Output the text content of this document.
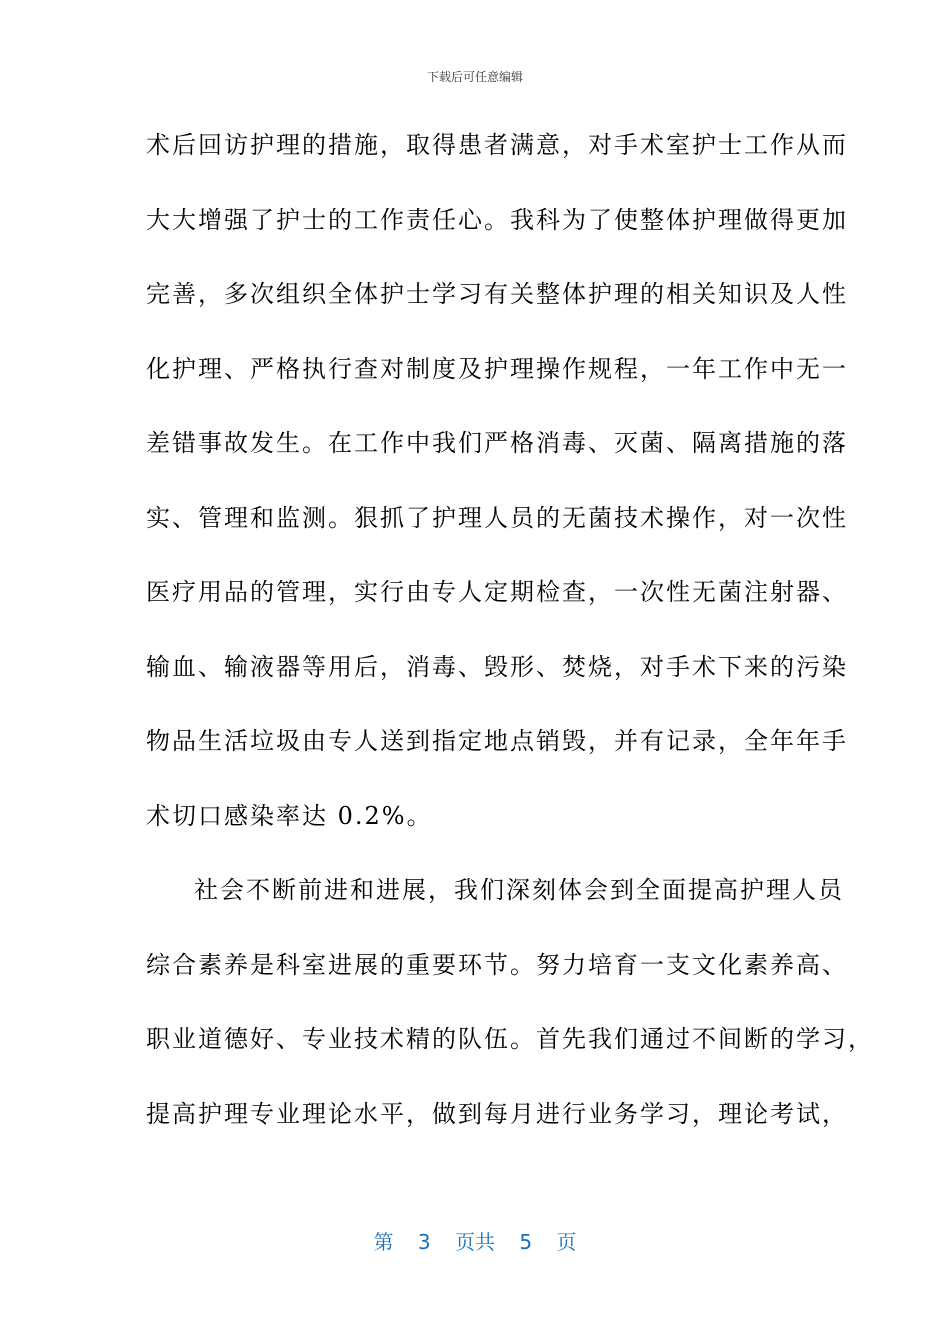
下载后可任意编辑
术后回访护理的措施，取得患者满意，对手术室护士工作从而
大大增强了护士的工作责任心。我科为了使整体护理做得更加
完善，多次组织全体护士学习有关整体护理的相关知识及人性
化护理、严格执行查对制度及护理操作规程，一年工作中无一
差错事故发生。在工作中我们严格消毒、灭菌、隔离措施的落
实、管理和监测。狠抓了护理人员的无菌技术操作，对一次性
医疗用品的管理，实行由专人定期检查，一次性无菌注射器、
输血、输液器等用后，消毒、毁形、焚烧，对手术下来的污染
物品生活垃圾由专人送到指定地点销毁，并有记录，全年年手
术切口感染率达 0.2%。
社会不断前进和进展，我们深刻体会到全面提高护理人员
综合素养是科室进展的重要环节。努力培育一支文化素养高、
职业道德好、专业技术精的队伍。首先我们通过不间断的学习，
提高护理专业理论水平，做到每月进行业务学习，理论考试，
第 3 页共 5 页
